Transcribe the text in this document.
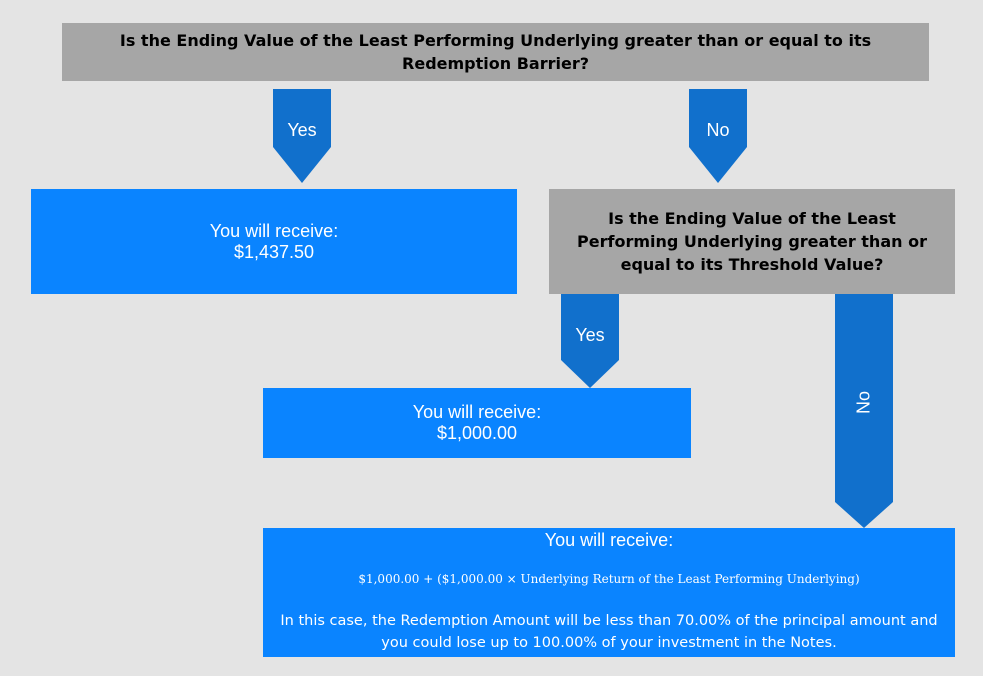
Is the Ending Value of the Least Performing Underlying greater than or equal to its Redemption Barrier?
Yes	No
You will receive:
$1,437.50
Is the Ending Value of the Least Performing Underlying greater than or equal to its Threshold Value?
Yes
No
You will receive:
$1,000.00
You will receive:
$1,000.00 + ($1,000.00 × Underlying Return of the Least Performing Underlying)
In this case, the Redemption Amount will be less than 70.00% of the principal amount and you could lose up to 100.00% of your investment in the Notes.
